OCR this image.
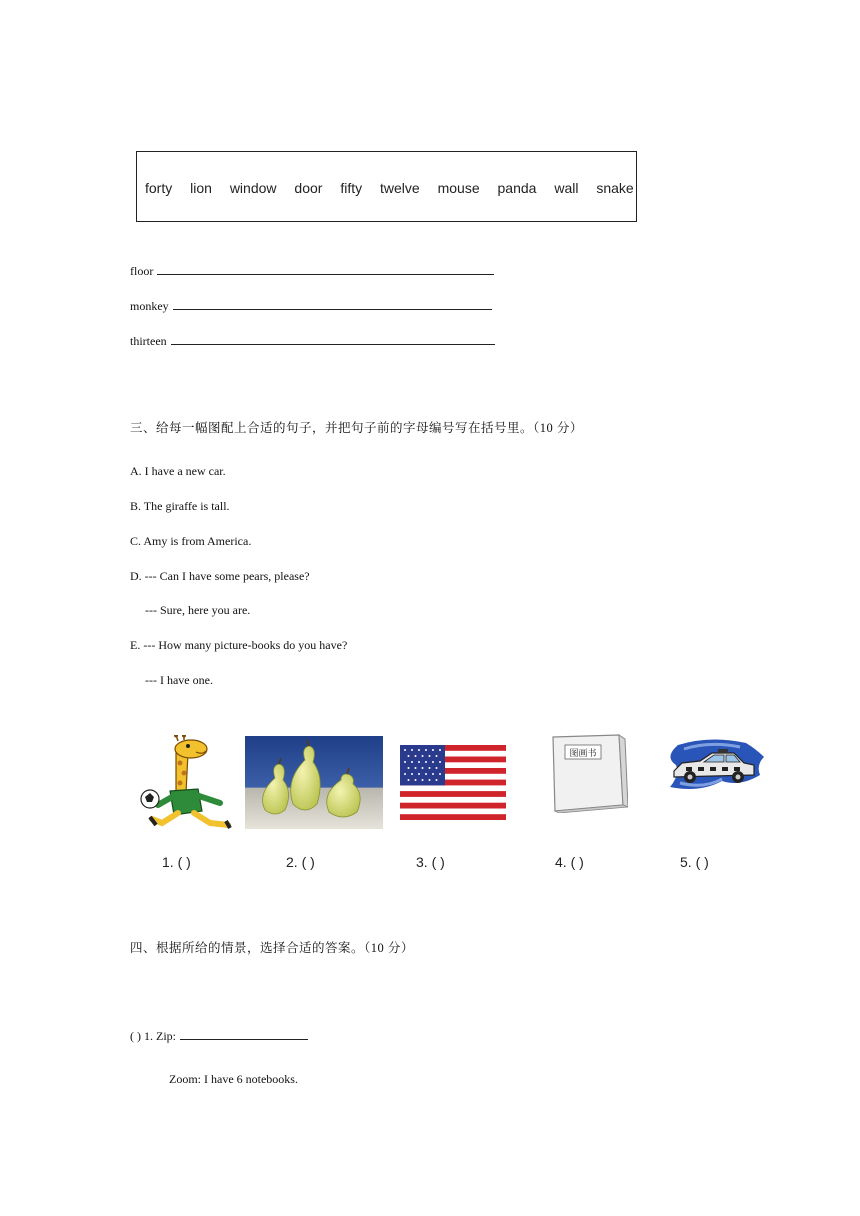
forty lion window door fifty twelve mouse panda wall snake
floor
monkey
thirteen
三、给每一幅图配上合适的句子，并把句子前的字母编号写在括号里。（10 分）
A. I have a new car.
B. The giraffe is tall.
C. Amy is from America.
D. --- Can I have some pears, please?
--- Sure, here you are.
E. --- How many picture-books do you have?
--- I have one.
图画书
1. ( )	2. ( )	3. ( )	4. ( )	5. ( )
四、根据所给的情景，选择合适的答案。（10 分）
( ) 1. Zip:
Zoom: I have 6 notebooks.
